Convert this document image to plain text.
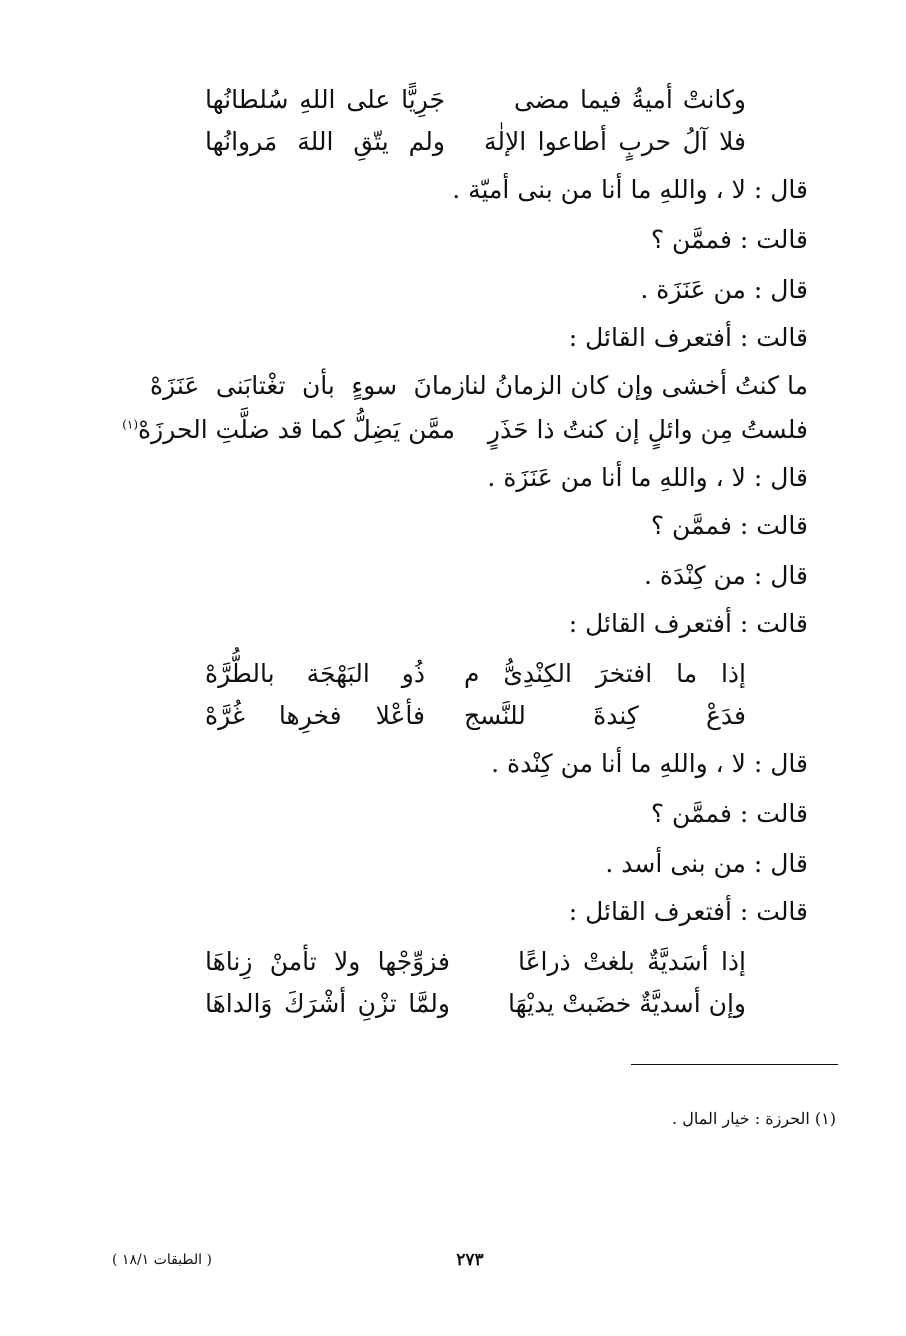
وكانتْ أميةُ فيما مضى
جَرِيًّا على اللهِ سُلطانُها
فلا آلُ حربٍ أطاعوا الإلٰهَ
ولم يتّقِ اللهَ مَروانُها
قال : لا ، واللهِ ما أنا من بنى أميّة .
قالت : فممَّن ؟
قال : من عَنَزَة .
قالت : أفتعرف القائل :
ما كنتُ أخشى وإن كان الزمانُ لنا
زمانَ سوءٍ بأن تغْتابَنى عَنَزَهْ
فلستُ مِن وائلٍ إن كنتُ ذا حَذَرٍ
ممَّن يَضِلُّ كما قد ضلَّتِ الحرزَهْ$^{(١)}$
قال : لا ، واللهِ ما أنا من عَنَزَة .
قالت : فممَّن ؟
قال : من كِنْدَة .
قالت : أفتعرف القائل :
إذا ما افتخرَ الكِنْدِىُّ م
ذُو البَهْجَة بالطُّرَّهْ
فدَعْ كِندةَ للنَّسج
فأعْلا فخرِها غُرَّهْ
قال : لا ، واللهِ ما أنا من كِنْدة .
قالت : فممَّن ؟
قال : من بنى أسد .
قالت : أفتعرف القائل :
إذا أسَديَّةٌ بلغتْ ذراعًا
فزوِّجْها ولا تأمنْ زِناهَا
وإن أسديَّةٌ خضَبتْ يديْهَا
ولمَّا تزْنِ أشْرَكَ وَالداهَا
(١) الحرزة : خيار المال .
٢٧٣
( الطبقات ١٨/١ )
